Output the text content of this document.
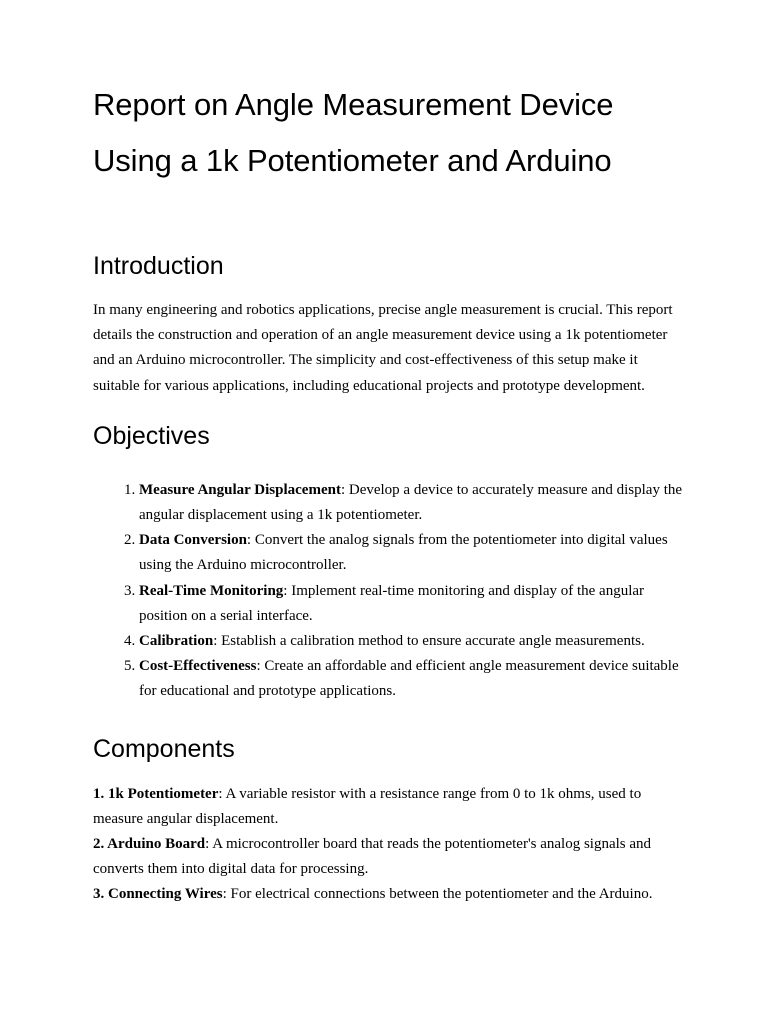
Report on Angle Measurement Device Using a 1k Potentiometer and Arduino
Introduction

In many engineering and robotics applications, precise angle measurement is crucial. This report details the construction and operation of an angle measurement device using a 1k potentiometer and an Arduino microcontroller. The simplicity and cost-effectiveness of this setup make it suitable for various applications, including educational projects and prototype development.

Objectives
1. Measure Angular Displacement: Develop a device to accurately measure and display the angular displacement using a 1k potentiometer.
2. Data Conversion: Convert the analog signals from the potentiometer into digital values using the Arduino microcontroller.
3. Real-Time Monitoring: Implement real-time monitoring and display of the angular position on a serial interface.
4. Calibration: Establish a calibration method to ensure accurate angle measurements.
5. Cost-Effectiveness: Create an affordable and efficient angle measurement device suitable for educational and prototype applications.
Components

1. 1k Potentiometer: A variable resistor with a resistance range from 0 to 1k ohms, used to measure angular displacement.

2. Arduino Board: A microcontroller board that reads the potentiometer's analog signals and converts them into digital data for processing.

3. Connecting Wires: For electrical connections between the potentiometer and the Arduino.
